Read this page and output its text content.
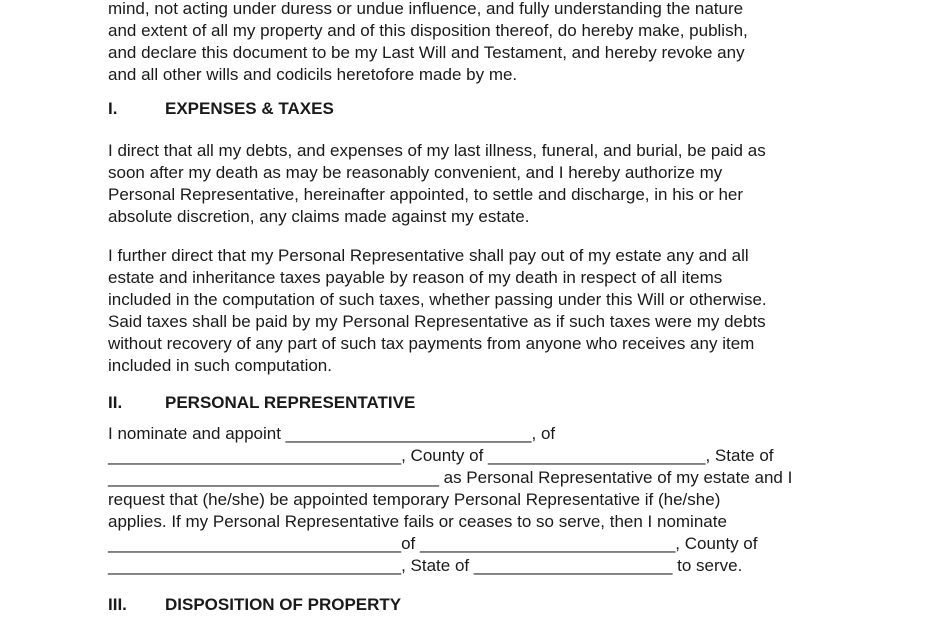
mind, not acting under duress or undue influence, and fully understanding the nature
and extent of all my property and of this disposition thereof, do hereby make, publish,
and declare this document to be my Last Will and Testament, and hereby revoke any
and all other wills and codicils heretofore made by me.
I.	EXPENSES & TAXES
I direct that all my debts, and expenses of my last illness, funeral, and burial, be paid as
soon after my death as may be reasonably convenient, and I hereby authorize my
Personal Representative, hereinafter appointed, to settle and discharge, in his or her
absolute discretion, any claims made against my estate.
I further direct that my Personal Representative shall pay out of my estate any and all
estate and inheritance taxes payable by reason of my death in respect of all items
included in the computation of such taxes, whether passing under this Will or otherwise.
Said taxes shall be paid by my Personal Representative as if such taxes were my debts
without recovery of any part of such tax payments from anyone who receives any item
included in such computation.
II.	PERSONAL REPRESENTATIVE
I nominate and appoint __________________________, of
_______________________________, County of _______________________, State of
___________________________________ as Personal Representative of my estate and I
request that (he/she) be appointed temporary Personal Representative if (he/she)
applies. If my Personal Representative fails or ceases to so serve, then I nominate
_______________________________of ___________________________, County of
_______________________________, State of _____________________ to serve.
III.	DISPOSITION OF PROPERTY
